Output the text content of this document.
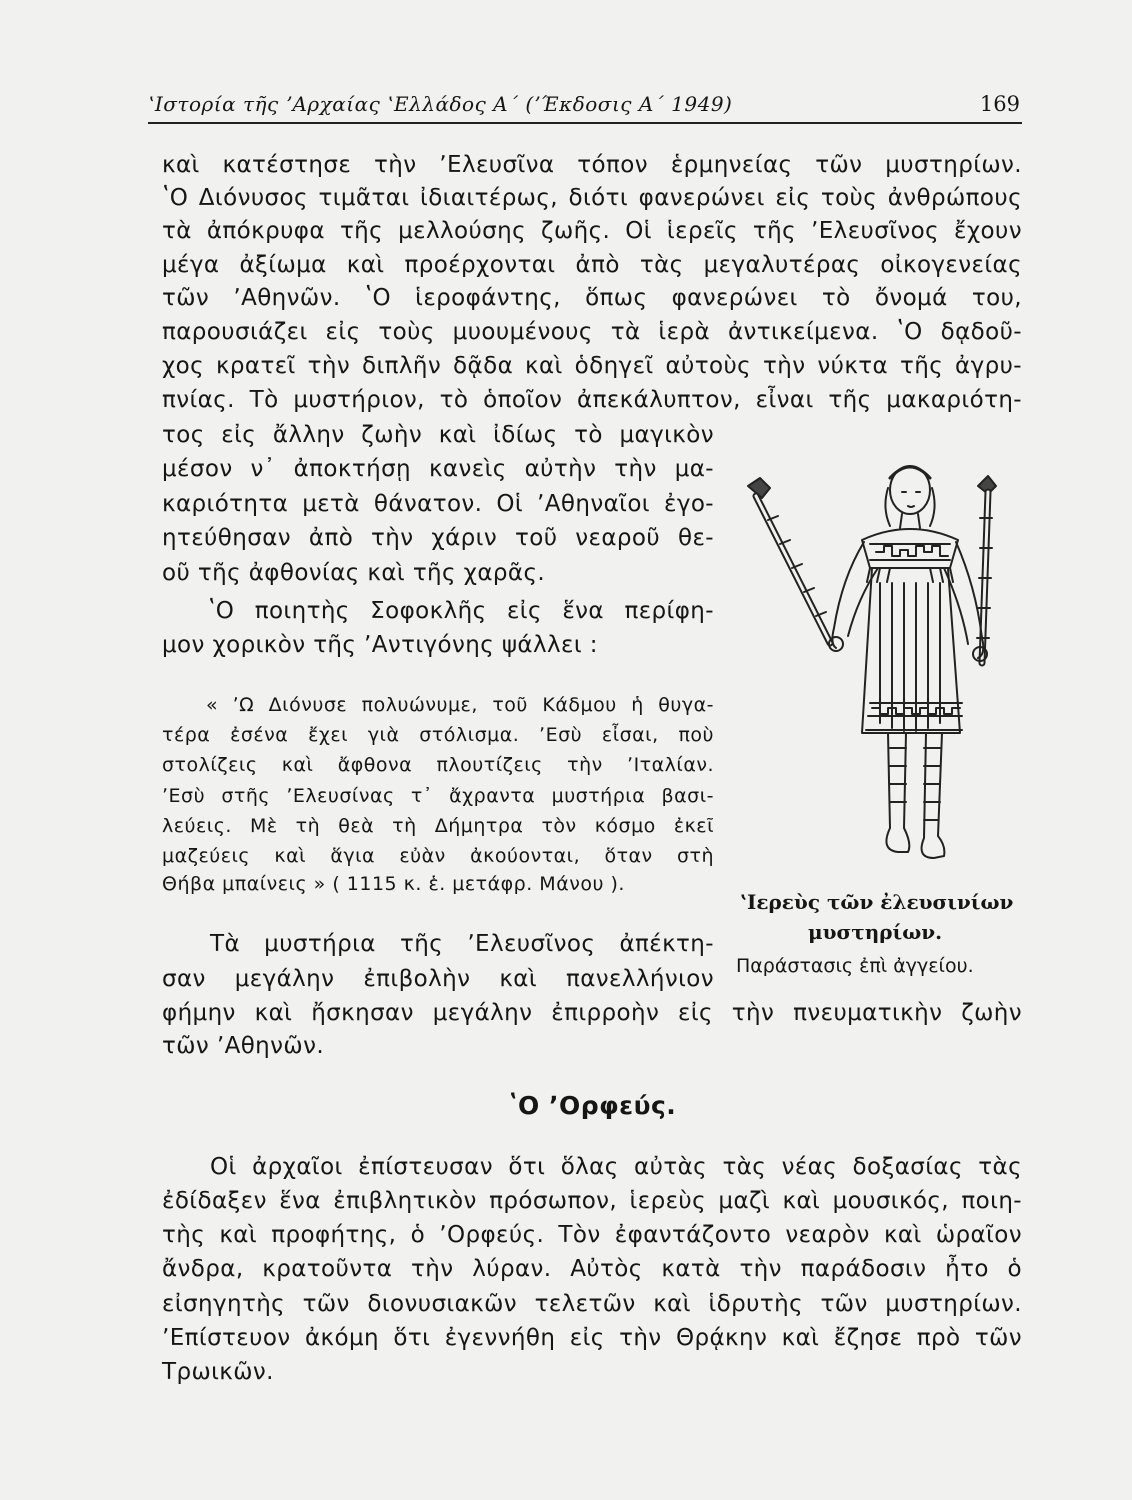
ʽΙστορία τῆς ʼΑρχαίας ʽΕλλάδος Α΄ (ʼΈκδοσις Α΄ 1949)	169
καὶ κατέστησε τὴν ʼΕλευσῖνα τόπον ἑρμηνείας τῶν μυστηρίων.
ʽΟ Διόνυσος τιμᾶται ἰδιαιτέρως, διότι φανερώνει εἰς τοὺς ἀνθρώπους
τὰ ἀπόκρυφα τῆς μελλούσης ζωῆς. Οἱ ἱερεῖς τῆς ʼΕλευσῖνος ἔχουν
μέγα ἀξίωμα καὶ προέρχονται ἀπὸ τὰς μεγαλυτέρας οἰκογενείας
τῶν ʼΑθηνῶν. ʽΟ ἱεροφάντης, ὅπως φανερώνει τὸ ὄνομά του,
παρουσιάζει εἰς τοὺς μυουμένους τὰ ἱερὰ ἀντικείμενα. ʽΟ δᾳδοῦ-
χος κρατεῖ τὴν διπλῆν δᾷδα καὶ ὁδηγεῖ αὐτοὺς τὴν νύκτα τῆς ἀγρυ-
πνίας. Τὸ μυστήριον, τὸ ὁποῖον ἀπεκάλυπτον, εἶναι τῆς μακαριότη-
τος εἰς ἄλλην ζωὴν καὶ ἰδίως τὸ μαγικὸν
μέσον ν᾽ ἀποκτήσῃ κανεὶς αὐτὴν τὴν μα-
καριότητα μετὰ θάνατον. Οἱ ʼΑθηναῖοι ἐγο-
ητεύθησαν ἀπὸ τὴν χάριν τοῦ νεαροῦ θε-
οῦ τῆς ἀφθονίας καὶ τῆς χαρᾶς.
ʽΟ ποιητὴς Σοφοκλῆς εἰς ἕνα περίφη-
μον χορικὸν τῆς ʼΑντιγόνης ψάλλει :
« ʼΩ Διόνυσε πολυώνυμε, τοῦ Κάδμου ἡ θυγα-
τέρα ἐσένα ἔχει γιὰ στόλισμα. ʼΕσὺ εἶσαι, ποὺ
στολίζεις καὶ ἄφθονα πλουτίζεις τὴν ʼΙταλίαν.
ʼΕσὺ στῆς ʼΕλευσίνας τ᾽ ἄχραντα μυστήρια βασι-
λεύεις. Μὲ τὴ θεὰ τὴ Δήμητρα τὸν κόσμο ἐκεῖ
μαζεύεις καὶ ἅγια εὐὰν ἀκούονται, ὅταν στὴ
Θήβα μπαίνεις » ( 1115 κ. ἑ. μετάφρ. Μάνου ).
Τὰ μυστήρια τῆς ʼΕλευσῖνος ἀπέκτη-
σαν μεγάλην ἐπιβολὴν καὶ πανελλήνιον
φήμην καὶ ἤσκησαν μεγάλην ἐπιρροὴν εἰς τὴν πνευματικὴν ζωὴν
τῶν ʼΑθηνῶν.
ʽΟ ʼΟρφεύς.
Οἱ ἀρχαῖοι ἐπίστευσαν ὅτι ὅλας αὐτὰς τὰς νέας δοξασίας τὰς
ἐδίδαξεν ἕνα ἐπιβλητικὸν πρόσωπον, ἱερεὺς μαζὶ καὶ μουσικός, ποιη-
τὴς καὶ προφήτης, ὁ ʼΟρφεύς. Τὸν ἐφαντάζοντο νεαρὸν καὶ ὡραῖον
ἄνδρα, κρατοῦντα τὴν λύραν. Αὐτὸς κατὰ τὴν παράδοσιν ἦτο ὁ
εἰσηγητὴς τῶν διονυσιακῶν τελετῶν καὶ ἱδρυτὴς τῶν μυστηρίων.
ʼΕπίστευον ἀκόμη ὅτι ἐγεννήθη εἰς τὴν Θρᾴκην καὶ ἔζησε πρὸ τῶν
Τρωικῶν.
ʽΙερεὺς τῶν ἐλευσινίων
μυστηρίων.
Παράστασις ἐπὶ ἀγγείου.
